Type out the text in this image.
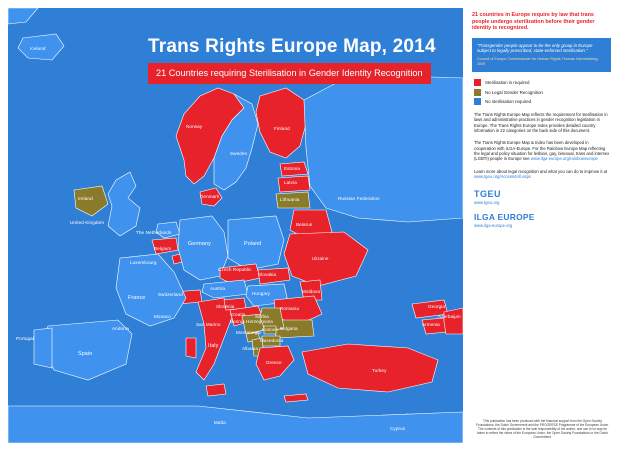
Trans Rights Europe Map, 2014
21 Countries requiring Sterilisation in Gender Identity Recognition
Iceland
Norway
Sweden
Finland
Estonia
Latvia
Lithuania
Denmark
Ireland
United Kingdom
The Netherlands
Belgium
Luxembourg
Germany	Poland
Belarus
Russian Federation
Ukraine
Czech Republic
Slovakia
Austria
Hungary	Moldova
Romania
Switzerland
France
Slovenia
Croatia
Bosnia Herzegovina
Serbia
Montenegro
Kosovo Bulgaria
Macedonia
Albania
Greece
Italy
Spain
Portugal
Andorra
Monaco
San Marino
Malta
Cyprus
Turkey
Georgia
Armenia
Azerbaijan
21 countries in Europe require by law that trans people undergo sterilization before their gender identity is recognized.
"Transgender people appear to be the only group in Europe subject to legally prescribed, state-enforced sterilisation."
Council of Europe Commissioner for Human Rights Thomas Hammarberg, 2009
Sterilisation is required
No Legal Gender Recognition
No sterilisation required
The Trans Rights Europe Map reflects the requirement for sterilisation in laws and administrative practices in gender recognition legislation in Europe. The Trans Rights Europe Index provides detailed country information in 22 categories on the back side of this document.
The Trans Rights Europe Map & Index has been developed in cooperation with ILGA-Europe. For the Rainbow Europe Map reflecting the legal and policy situation for lesbian, gay, bisexual, trans and intersex (LGBTI) people in Europe see www.ilga-europe.org/rainboweurope
Learn more about legal recognition and what you can do to improve it at www.tgeu.org/Access4All.aspx
TGEU
www.tgeu.org
ILGA EUROPE
www.ilga-europe.org
This publication has been produced with the financial support from the Open Society Foundations, the Dutch Government and the PROGRESS Programme of the European Union. The contents of this publication is the sole responsibility of the author, and can in no way be taken to reflect the views of the European Union, the Open Society Foundations or the Dutch Government.
